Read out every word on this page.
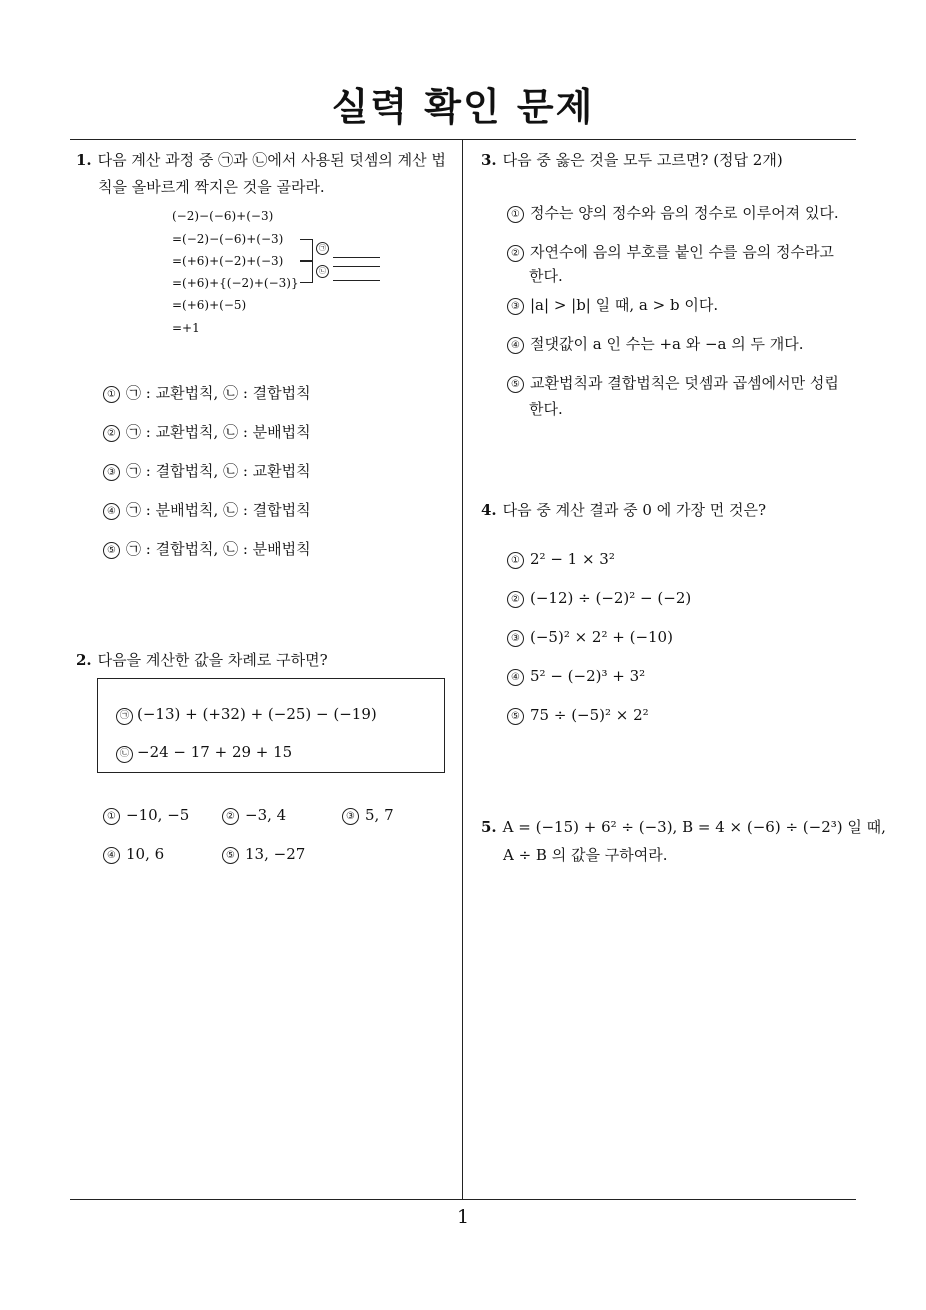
실력 확인 문제
1
1. 다음 계산 과정 중 ㉠과 ㉡에서 사용된 덧셈의 계산 법
칙을 올바르게 짝지은 것을 골라라.
(−2)−(−6)+(−3)
=(−2)−(−6)+(−3)
=(+6)+(−2)+(−3)
=(+6)+{(−2)+(−3)}
=(+6)+(−5)
=+1
㉠
㉡
① ㉠ : 교환법칙, ㉡ : 결합법칙
② ㉠ : 교환법칙, ㉡ : 분배법칙
③ ㉠ : 결합법칙, ㉡ : 교환법칙
④ ㉠ : 분배법칙, ㉡ : 결합법칙
⑤ ㉠ : 결합법칙, ㉡ : 분배법칙
2. 다음을 계산한 값을 차례로 구하면?
㉠ (−13) + (+32) + (−25) − (−19)
㉡ −24 − 17 + 29 + 15
① −10, −5	② −3, 4	③ 5, 7
④ 10, 6	⑤ 13, −27
3. 다음 중 옳은 것을 모두 고르면? (정답 2개)
① 정수는 양의 정수와 음의 정수로 이루어져 있다.
② 자연수에 음의 부호를 붙인 수를 음의 정수라고
한다.
③ |a| > |b| 일 때, a > b 이다.
④ 절댓값이 a 인 수는 +a 와 −a 의 두 개다.
⑤ 교환법칙과 결합법칙은 덧셈과 곱셈에서만 성립
한다.
4. 다음 중 계산 결과 중 0 에 가장 먼 것은?
① 2² − 1 × 3²
② (−12) ÷ (−2)² − (−2)
③ (−5)² × 2² + (−10)
④ 5² − (−2)³ + 3²
⑤ 75 ÷ (−5)² × 2²
5. A = (−15) + 6² ÷ (−3), B = 4 × (−6) ÷ (−2³) 일 때,
A ÷ B 의 값을 구하여라.
